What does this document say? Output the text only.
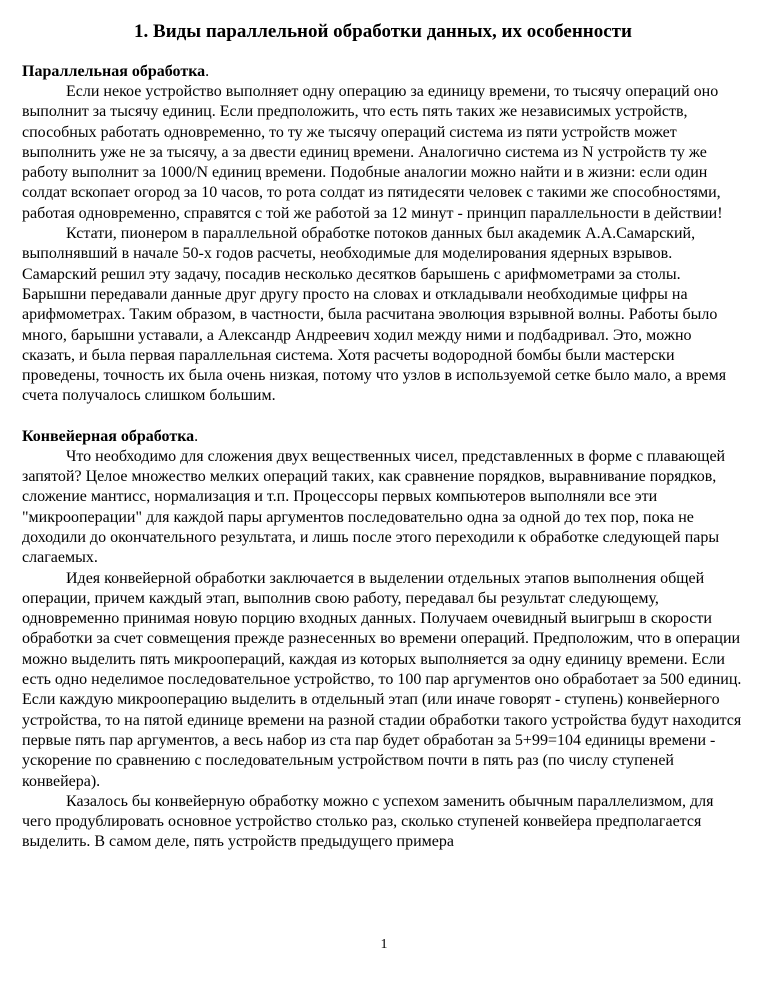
1. Виды параллельной обработки данных, их особенности

Параллельная обработка.

Если некое устройство выполняет одну операцию за единицу времени, то тысячу операций оно выполнит за тысячу единиц. Если предположить, что есть пять таких же независимых устройств, способных работать одновременно, то ту же тысячу операций система из пяти устройств может выполнить уже не за тысячу, а за двести единиц времени. Аналогично система из N устройств ту же работу выполнит за 1000/N единиц времени. Подобные аналогии можно найти и в жизни: если один солдат вскопает огород за 10 часов, то рота солдат из пятидесяти человек с такими же способностями, работая одновременно, справятся с той же работой за 12 минут - принцип параллельности в действии!

Кстати, пионером в параллельной обработке потоков данных был академик А.А.Самарский, выполнявший в начале 50-х годов расчеты, необходимые для моделирования ядерных взрывов. Самарский решил эту задачу, посадив несколько десятков барышень с арифмометрами за столы. Барышни передавали данные друг другу просто на словах и откладывали необходимые цифры на арифмометрах. Таким образом, в частности, была расчитана эволюция взрывной волны. Работы было много, барышни уставали, а Александр Андреевич ходил между ними и подбадривал. Это, можно сказать, и была первая параллельная система. Хотя расчеты водородной бомбы были мастерски проведены, точность их была очень низкая, потому что узлов в используемой сетке было мало, а время счета получалось слишком большим.

Конвейерная обработка.

Что необходимо для сложения двух вещественных чисел, представленных в форме с плавающей запятой? Целое множество мелких операций таких, как сравнение порядков, выравнивание порядков, сложение мантисс, нормализация и т.п. Процессоры первых компьютеров выполняли все эти "микрооперации" для каждой пары аргументов последовательно одна за одной до тех пор, пока не доходили до окончательного результата, и лишь после этого переходили к обработке следующей пары слагаемых.

Идея конвейерной обработки заключается в выделении отдельных этапов выполнения общей операции, причем каждый этап, выполнив свою работу, передавал бы результат следующему, одновременно принимая новую порцию входных данных. Получаем очевидный выигрыш в скорости обработки за счет совмещения прежде разнесенных во времени операций. Предположим, что в операции можно выделить пять микроопераций, каждая из которых выполняется за одну единицу времени. Если есть одно неделимое последовательное устройство, то 100 пар аргументов оно обработает за 500 единиц. Если каждую микрооперацию выделить в отдельный этап (или иначе говорят - ступень) конвейерного устройства, то на пятой единице времени на разной стадии обработки такого устройства будут находится первые пять пар аргументов, а весь набор из ста пар будет обработан за 5+99=104 единицы времени - ускорение по сравнению с последовательным устройством почти в пять раз (по числу ступеней конвейера).

Казалось бы конвейерную обработку можно с успехом заменить обычным параллелизмом, для чего продублировать основное устройство столько раз, сколько ступеней конвейера предполагается выделить. В самом деле, пять устройств предыдущего примера

1
